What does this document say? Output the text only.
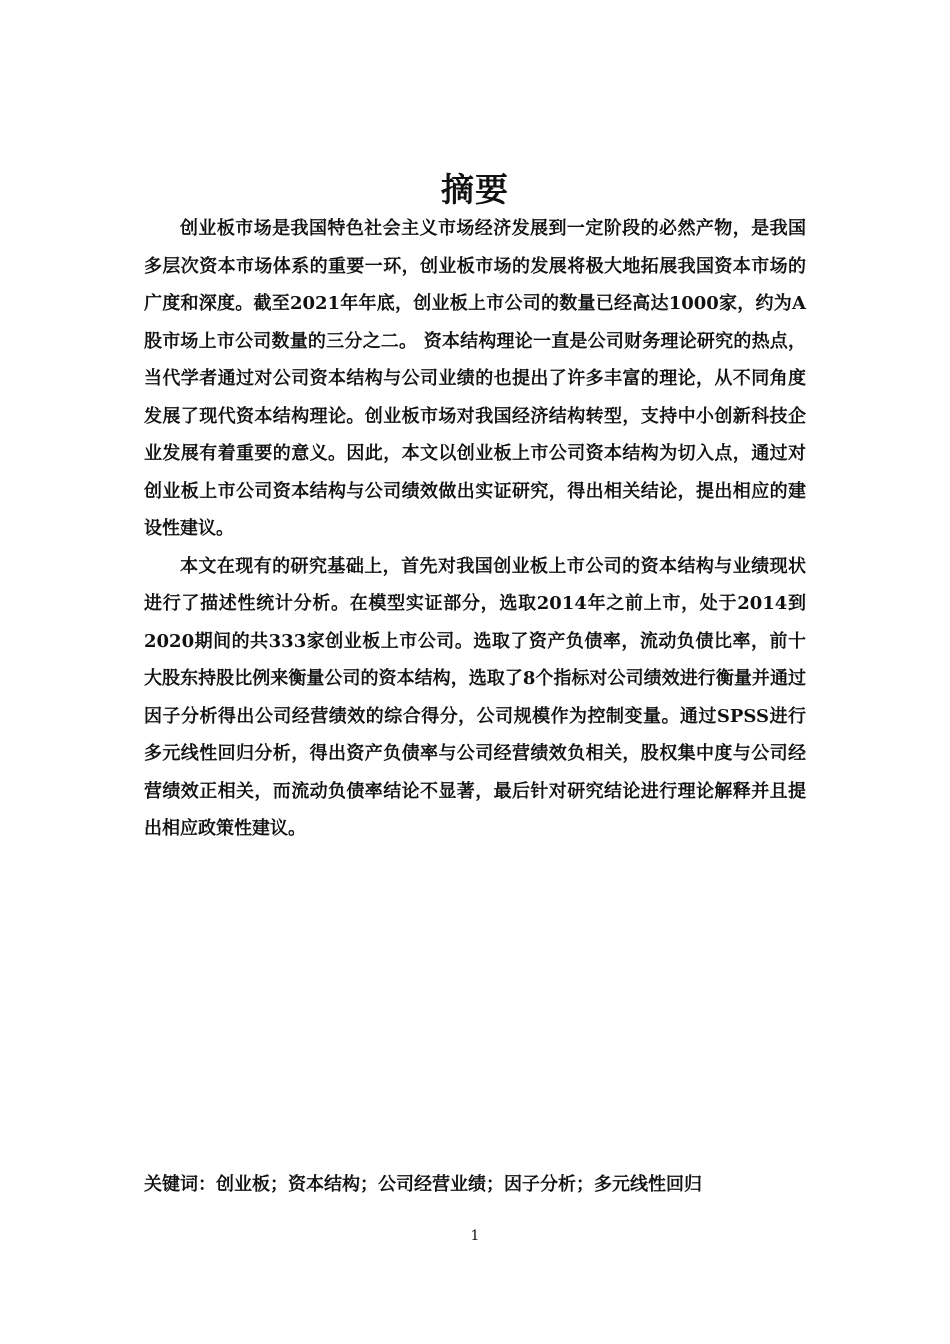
摘要

创业板市场是我国特色社会主义市场经济发展到一定阶段的必然产物，是我国多层次资本市场体系的重要一环，创业板市场的发展将极大地拓展我国资本市场的广度和深度。截至2021年年底，创业板上市公司的数量已经高达1000家，约为A股市场上市公司数量的三分之二。 资本结构理论一直是公司财务理论研究的热点，当代学者通过对公司资本结构与公司业绩的也提出了许多丰富的理论，从不同角度发展了现代资本结构理论。创业板市场对我国经济结构转型，支持中小创新科技企业发展有着重要的意义。因此，本文以创业板上市公司资本结构为切入点，通过对创业板上市公司资本结构与公司绩效做出实证研究，得出相关结论，提出相应的建设性建议。

本文在现有的研究基础上，首先对我国创业板上市公司的资本结构与业绩现状进行了描述性统计分析。在模型实证部分，选取2014年之前上市，处于2014到2020期间的共333家创业板上市公司。选取了资产负债率，流动负债比率，前十大股东持股比例来衡量公司的资本结构，选取了8个指标对公司绩效进行衡量并通过因子分析得出公司经营绩效的综合得分，公司规模作为控制变量。通过SPSS进行多元线性回归分析，得出资产负债率与公司经营绩效负相关，股权集中度与公司经营绩效正相关，而流动负债率结论不显著，最后针对研究结论进行理论解释并且提出相应政策性建议。

关键词：创业板；资本结构；公司经营业绩；因子分析；多元线性回归
1
